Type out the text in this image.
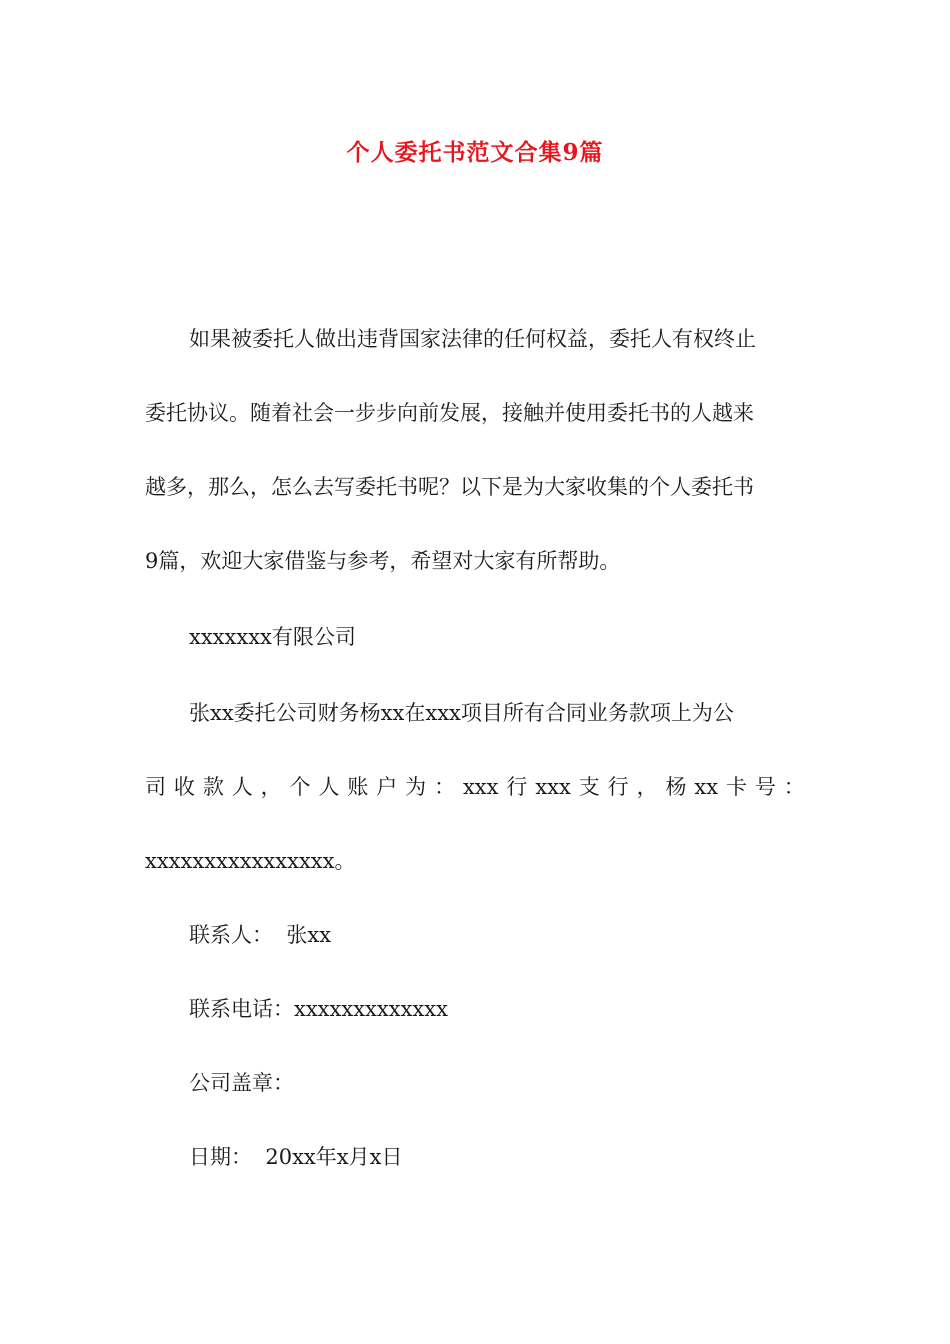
个人委托书范文合集9篇
如果被委托人做出违背国家法律的任何权益，委托人有权终止
委托协议。随着社会一步步向前发展，接触并使用委托书的人越来
越多，那么，怎么去写委托书呢？以下是为大家收集的个人委托书
9篇，欢迎大家借鉴与参考，希望对大家有所帮助。
xxxxxxx有限公司
张xx委托公司财务杨xx在xxx项目所有合同业务款项上为公
司 收 款 人 ， 个 人 账 户 为 ： xxx 行 xxx 支 行 ， 杨 xx 卡 号 ：
xxxxxxxxxxxxxxxx。
联系人：  张xx
联系电话：xxxxxxxxxxxxx
公司盖章：
日期：  20xx年x月x日
